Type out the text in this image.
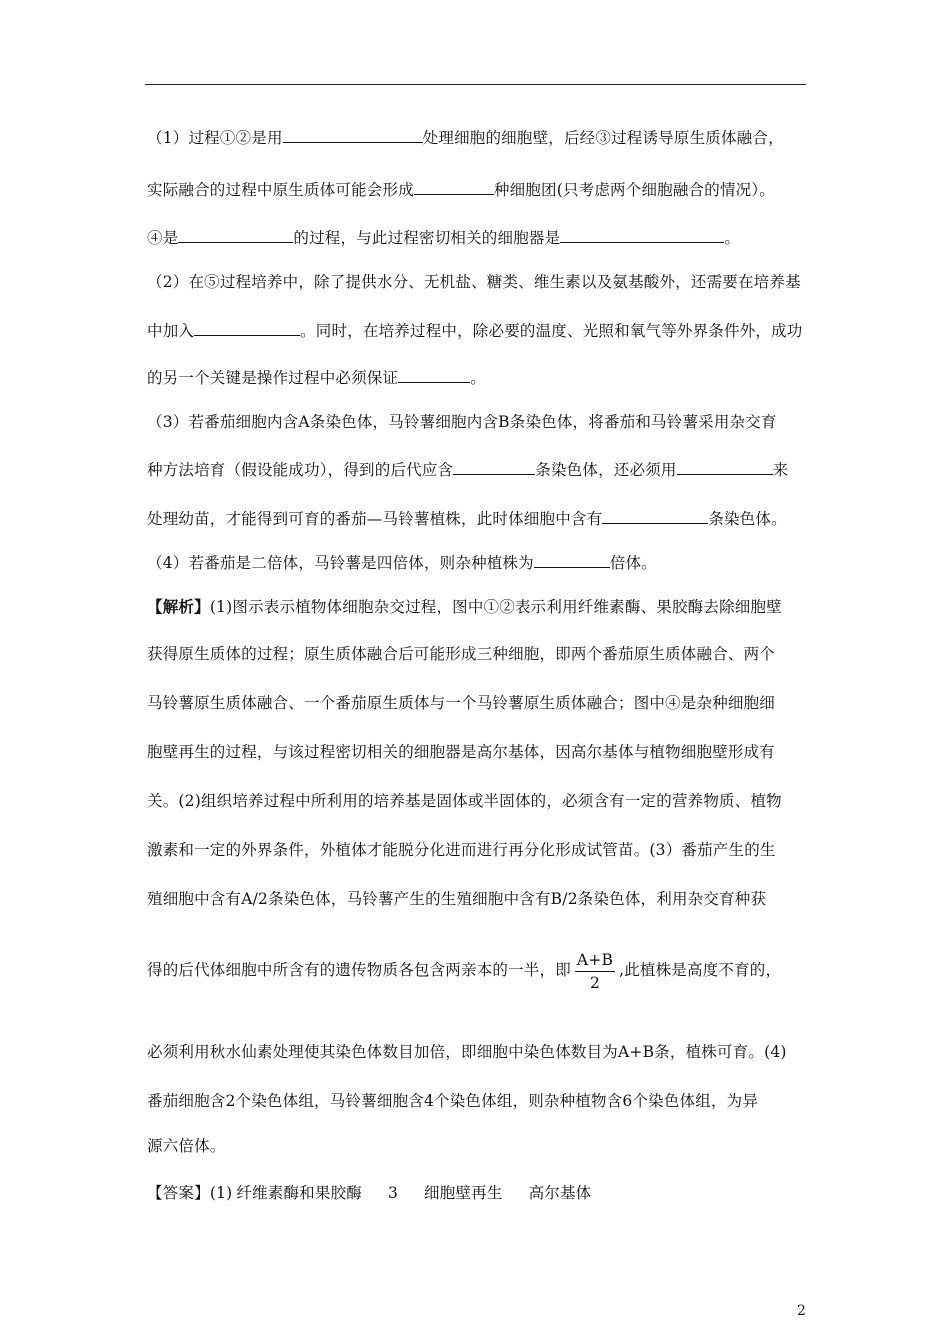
（1）过程①②是用	处理细胞的细胞壁，后经③过程诱导原生质体融合，
实际融合的过程中原生质体可能会形成	种细胞团(只考虑两个细胞融合的情况）。
④是	的过程，与此过程密切相关的细胞器是	。
（2）在⑤过程培养中，除了提供水分、无机盐、糖类、维生素以及氨基酸外，还需要在培养基
中加入	。同时，在培养过程中，除必要的温度、光照和氧气等外界条件外，成功
的另一个关键是操作过程中必须保证	。
（3）若番茄细胞内含A条染色体，马铃薯细胞内含B条染色体，将番茄和马铃薯采用杂交育
种方法培育（假设能成功），得到的后代应含	条染色体，还必须用	来
处理幼苗，才能得到可育的番茄—马铃薯植株，此时体细胞中含有	条染色体。
（4）若番茄是二倍体，马铃薯是四倍体，则杂种植株为	倍体。
【解析】(1)图示表示植物体细胞杂交过程，图中①②表示利用纤维素酶、果胶酶去除细胞壁
获得原生质体的过程；原生质体融合后可能形成三种细胞，即两个番茄原生质体融合、两个
马铃薯原生质体融合、一个番茄原生质体与一个马铃薯原生质体融合；图中④是杂种细胞细
胞壁再生的过程，与该过程密切相关的细胞器是高尔基体，因高尔基体与植物细胞壁形成有
关。(2)组织培养过程中所利用的培养基是固体或半固体的，必须含有一定的营养物质、植物
激素和一定的外界条件，外植体才能脱分化进而进行再分化形成试管苗。(3）番茄产生的生
殖细胞中含有A/2条染色体，马铃薯产生的生殖细胞中含有B/2条染色体，利用杂交育种获
得的后代体细胞中所含有的遗传物质各包含两亲本的一半，即 $\frac{A+B}{2}$ ,此植株是高度不育的，
必须利用秋水仙素处理使其染色体数目加倍，即细胞中染色体数目为A+B条，植株可育。(4)
番茄细胞含2个染色体组，马铃薯细胞含4个染色体组，则杂种植物含6个染色体组，为异
源六倍体。
【答案】(1) 纤维素酶和果胶酶 3 细胞壁再生 高尔基体
2
